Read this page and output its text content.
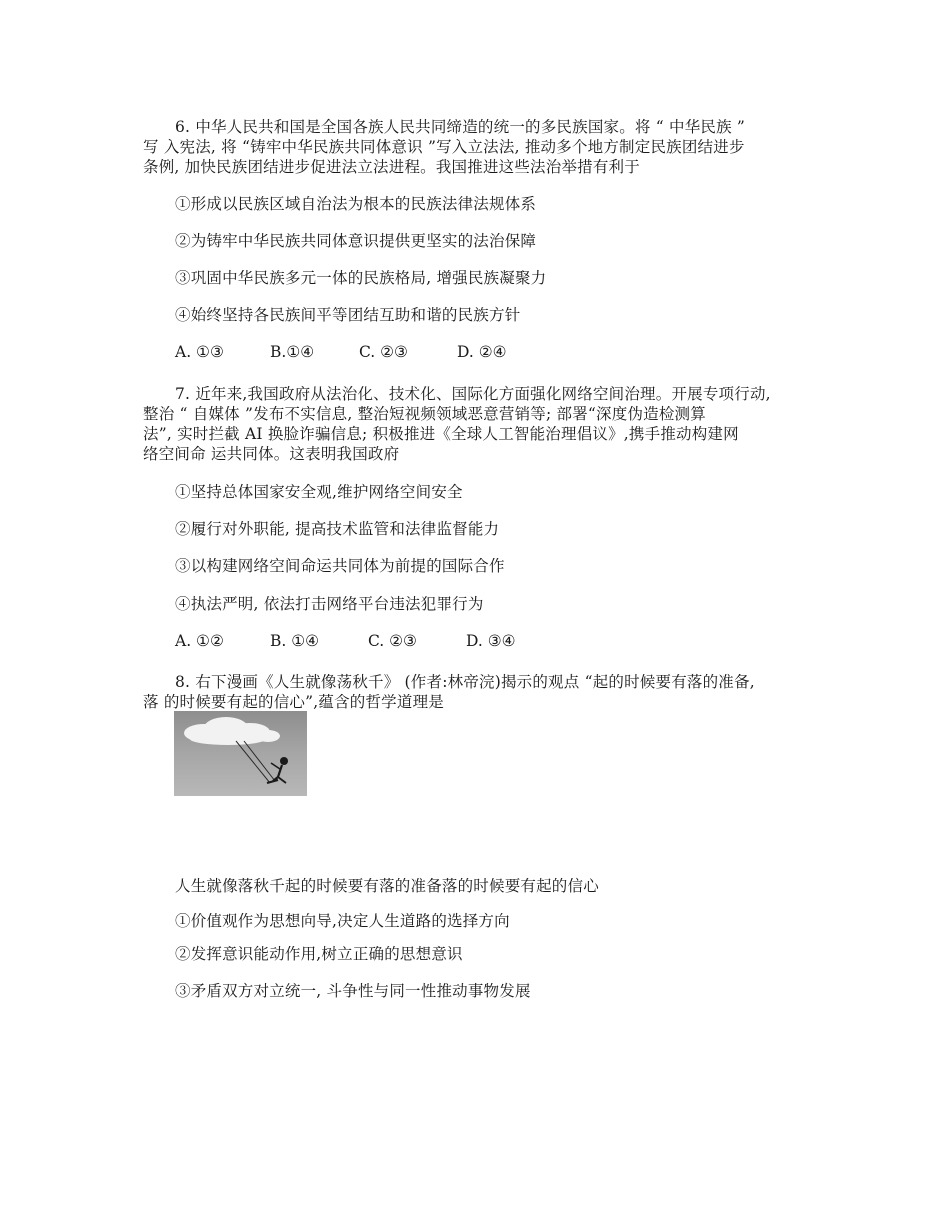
6. 中华人民共和国是全国各族人民共同缔造的统一的多民族国家。将 “ 中华民族 ”
写 入宪法, 将 “铸牢中华民族共同体意识 ”写入立法法, 推动多个地方制定民族团结进步
条例, 加快民族团结进步促进法立法进程。我国推进这些法治举措有利于
①形成以民族区域自治法为根本的民族法律法规体系
②为铸牢中华民族共同体意识提供更坚实的法治保障
③巩固中华民族多元一体的民族格局, 增强民族凝聚力
④始终坚持各民族间平等团结互助和谐的民族方针
A. ①③	B.①④	C. ②③	D. ②④
7. 近年来,我国政府从法治化、技术化、国际化方面强化网络空间治理。开展专项行动,
整治 “ 自媒体 ”发布不实信息, 整治短视频领域恶意营销等; 部署“深度伪造检测算
法”, 实时拦截 AI 换脸诈骗信息; 积极推进《全球人工智能治理倡议》,携手推动构建网
络空间命 运共同体。这表明我国政府
①坚持总体国家安全观,维护网络空间安全
②履行对外职能, 提高技术监管和法律监督能力
③以构建网络空间命运共同体为前提的国际合作
④执法严明, 依法打击网络平台违法犯罪行为
A. ①②	B. ①④	C. ②③	D. ③④
8. 右下漫画《人生就像荡秋千》 (作者:林帝浣)揭示的观点 “起的时候要有落的准备,
落 的时候要有起的信心”,蕴含的哲学道理是
人生就像落秋千起的时候要有落的准备落的时候要有起的信心
①价值观作为思想向导,决定人生道路的选择方向
②发挥意识能动作用,树立正确的思想意识
③矛盾双方对立统一, 斗争性与同一性推动事物发展
